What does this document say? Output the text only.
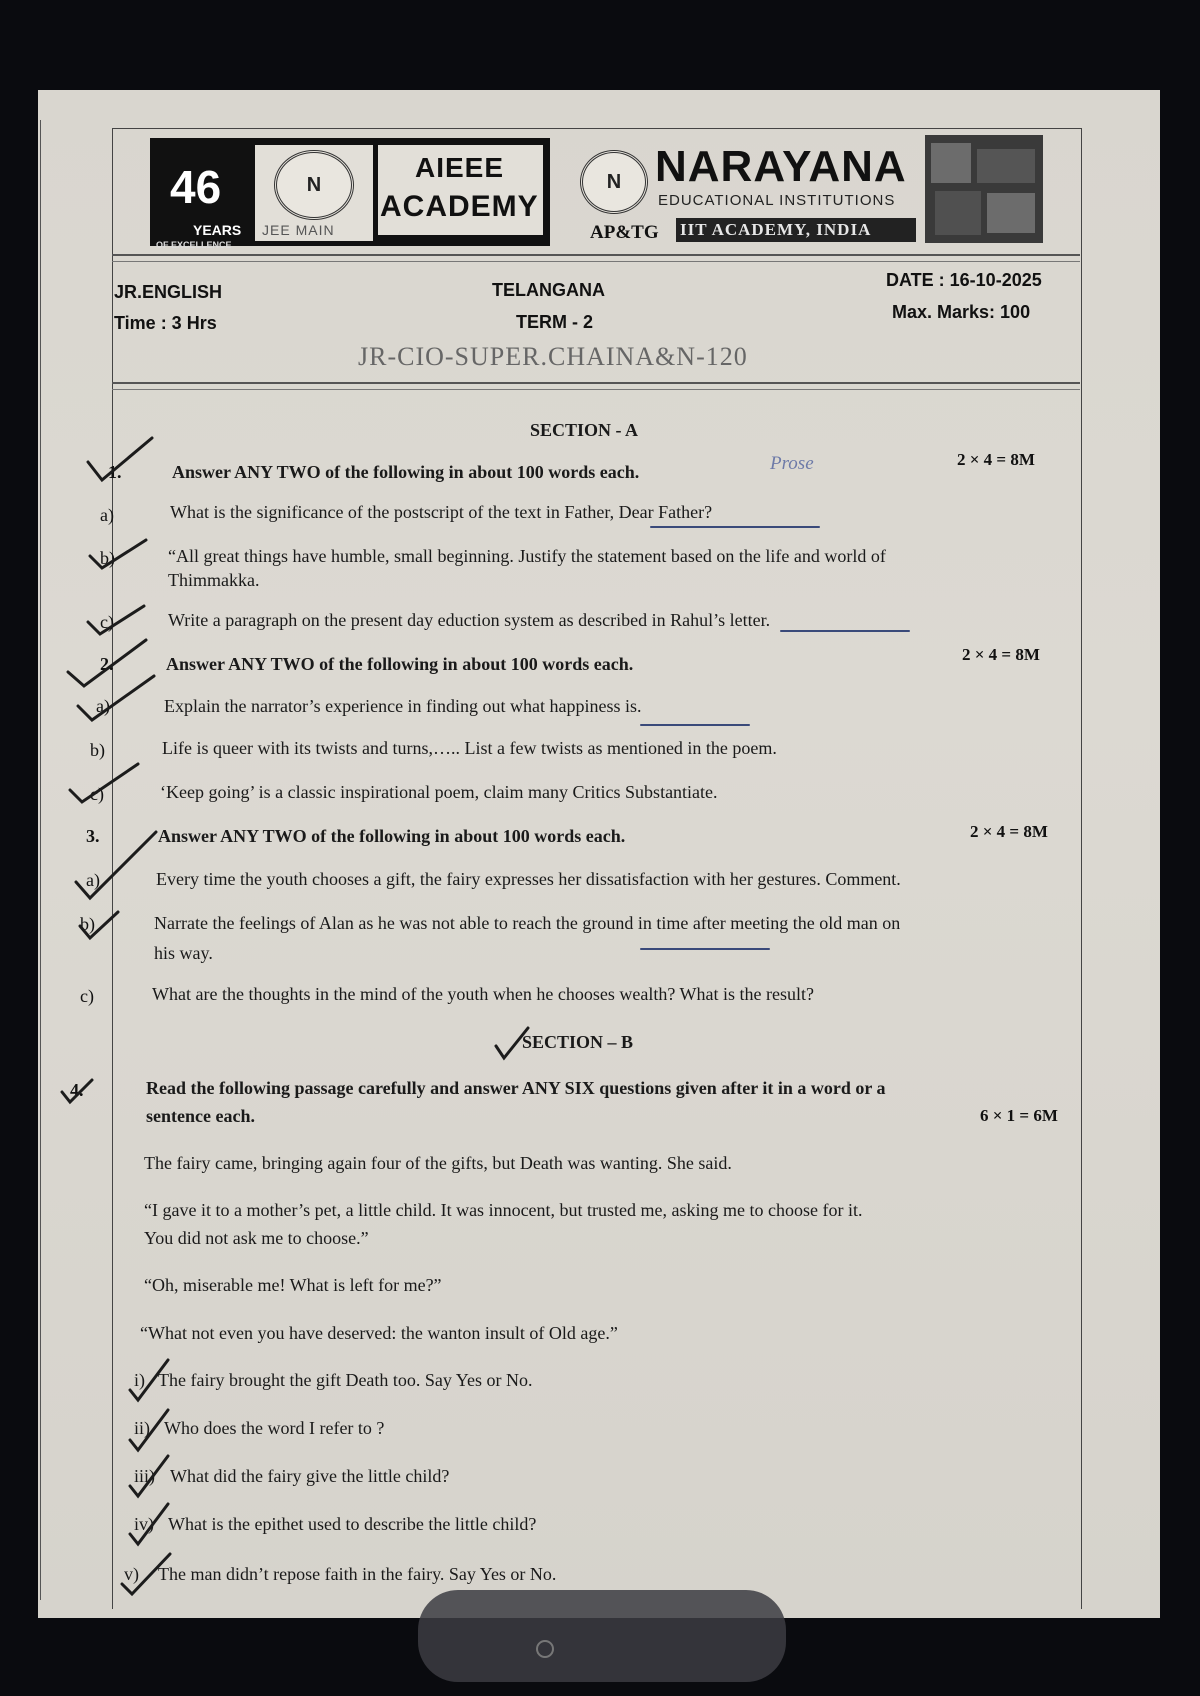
46
YEARS
OF EXCELLENCE
N
JEE MAIN
AIEEE
ACADEMY
N NARAYANA
EDUCATIONAL INSTITUTIONS
AP&TG IIT ACADEMY, INDIA
JR.ENGLISH	TELANGANA	DATE : 16-10-2025
Time : 3 Hrs	TERM - 2	Max. Marks: 100
JR-CIO-SUPER.CHAINA&N-120
SECTION - A
1.	Answer ANY TWO of the following in about 100 words each.	Prose	2 × 4 = 8M
a)	What is the significance of the postscript of the text in Father, Dear Father?
b)	“All great things have humble, small beginning. Justify the statement based on the life and world of
Thimmakka.
c)	Write a paragraph on the present day eduction system as described in Rahul’s letter.
2.	Answer ANY TWO of the following in about 100 words each.	2 × 4 = 8M
a)	Explain the narrator’s experience in finding out what happiness is.
b)	Life is queer with its twists and turns,….. List a few twists as mentioned in the poem.
c)	‘Keep going’ is a classic inspirational poem, claim many Critics Substantiate.
3.	Answer ANY TWO of the following in about 100 words each.	2 × 4 = 8M
a)	Every time the youth chooses a gift, the fairy expresses her dissatisfaction with her gestures. Comment.
b)	Narrate the feelings of Alan as he was not able to reach the ground in time after meeting the old man on
his way.
c)	What are the thoughts in the mind of the youth when he chooses wealth? What is the result?
SECTION – B
4.	Read the following passage carefully and answer ANY SIX questions given after it in a word or a
sentence each.	6 × 1 = 6M
The fairy came, bringing again four of the gifts, but Death was wanting. She said.
“I gave it to a mother’s pet, a little child. It was innocent, but trusted me, asking me to choose for it.
You did not ask me to choose.”
“Oh, miserable me! What is left for me?”
“What not even you have deserved: the wanton insult of Old age.”
i) The fairy brought the gift Death too. Say Yes or No.
ii) Who does the word I refer to ?
iii) What did the fairy give the little child?
iv) What is the epithet used to describe the little child?
v) The man didn’t repose faith in the fairy. Say Yes or No.
